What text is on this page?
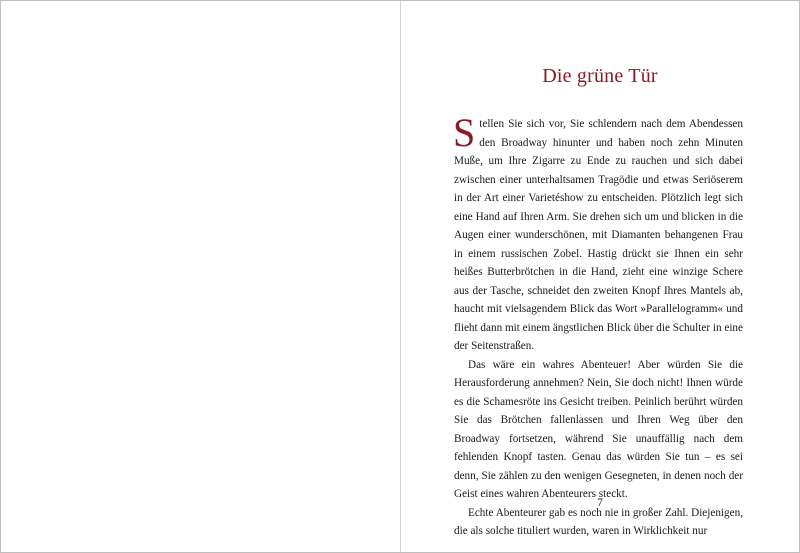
Die grüne Tür

Stellen Sie sich vor, Sie schlendern nach dem Abendessen den Broadway hinunter und haben noch zehn Minuten Muße, um Ihre Zigarre zu Ende zu rauchen und sich dabei zwischen einer unterhaltsamen Tragödie und etwas Seriöserem in der Art einer Varietéshow zu entscheiden. Plötzlich legt sich eine Hand auf Ihren Arm. Sie drehen sich um und blicken in die Augen einer wunderschönen, mit Diamanten behangenen Frau in einem russischen Zobel. Hastig drückt sie Ihnen ein sehr heißes Butterbrötchen in die Hand, zieht eine winzige Schere aus der Tasche, schneidet den zweiten Knopf Ihres Mantels ab, haucht mit vielsagendem Blick das Wort »Parallelogramm« und flieht dann mit einem ängstlichen Blick über die Schulter in eine der Seitenstraßen.

Das wäre ein wahres Abenteuer! Aber würden Sie die Herausforderung annehmen? Nein, Sie doch nicht! Ihnen würde es die Schamesröte ins Gesicht treiben. Peinlich berührt würden Sie das Brötchen fallenlassen und Ihren Weg über den Broadway fortsetzen, während Sie unauffällig nach dem fehlenden Knopf tasten. Genau das würden Sie tun – es sei denn, Sie zählen zu den wenigen Gesegneten, in denen noch der Geist eines wahren Abenteurers steckt.

Echte Abenteurer gab es noch nie in großer Zahl. Diejenigen, die als solche tituliert wurden, waren in Wirklichkeit nur

7
